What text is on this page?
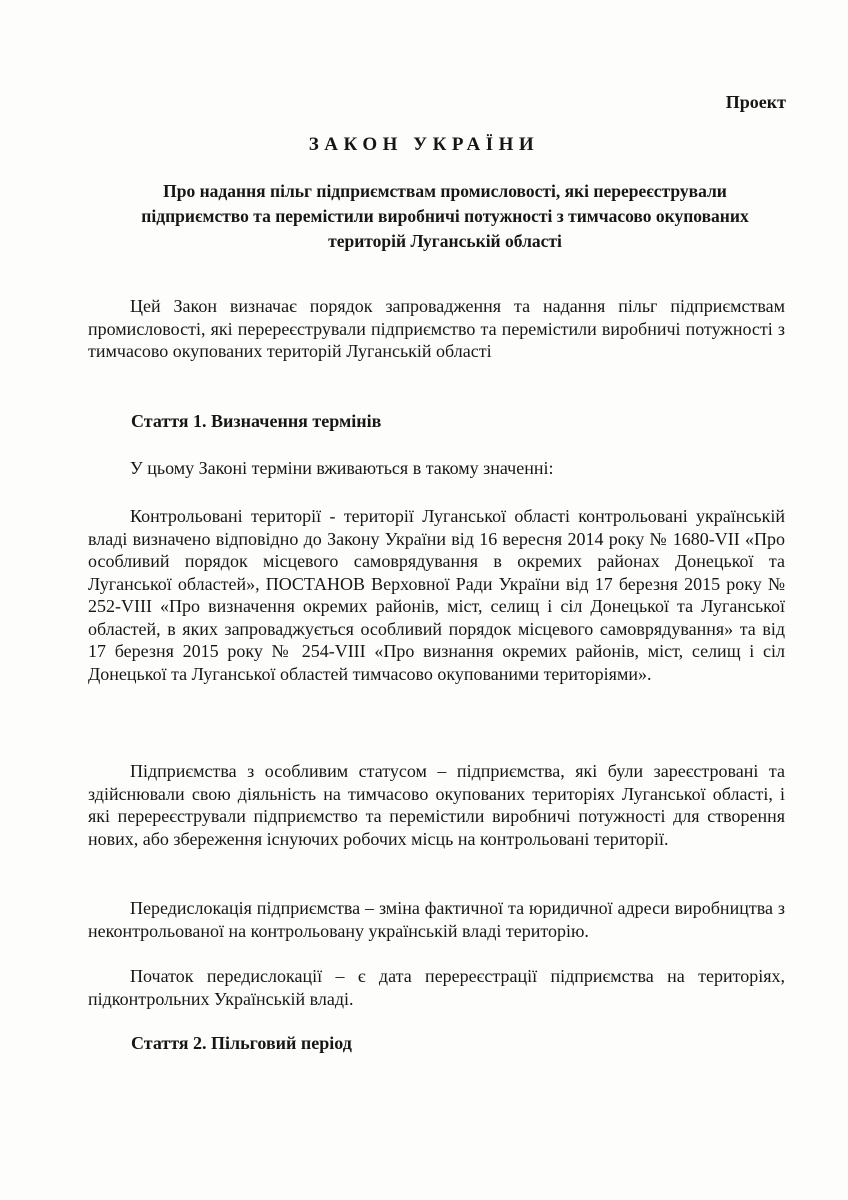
Проект
ЗАКОН УКРАЇНИ
Про надання пільг підприємствам промисловості, які перереєстрували підприємство та перемістили виробничі потужності з тимчасово окупованих територій Луганській області
Цей Закон визначає порядок запровадження та надання пільг підприємствам промисловості, які перереєстрували підприємство та перемістили виробничі потужності з тимчасово окупованих територій Луганській області
Стаття 1. Визначення термінів
У цьому Законі терміни вживаються в такому значенні:
Контрольовані території - території Луганської області контрольовані українській владі визначено відповідно до Закону України від 16 вересня 2014 року № 1680-VII «Про особливий порядок місцевого самоврядування в окремих районах Донецької та Луганської областей», ПОСТАНОВ Верховної Ради України від 17 березня 2015 року № 252-VIII «Про визначення окремих районів, міст, селищ і сіл Донецької та Луганської областей, в яких запроваджується особливий порядок місцевого самоврядування» та від 17 березня 2015 року № 254-VIII «Про визнання окремих районів, міст, селищ і сіл Донецької та Луганської областей тимчасово окупованими територіями».
Підприємства з особливим статусом – підприємства, які були зареєстровані та здійснювали свою діяльність на тимчасово окупованих територіях Луганської області, і які перереєстрували підприємство та перемістили виробничі потужності для створення нових, або збереження існуючих робочих місць на контрольовані території.
Передислокація підприємства – зміна фактичної та юридичної адреси виробництва з неконтрольованої на контрольовану українській владі територію.
Початок передислокації – є дата перереєстрації підприємства на територіях, підконтрольних Українській владі.
Стаття 2. Пільговий період
